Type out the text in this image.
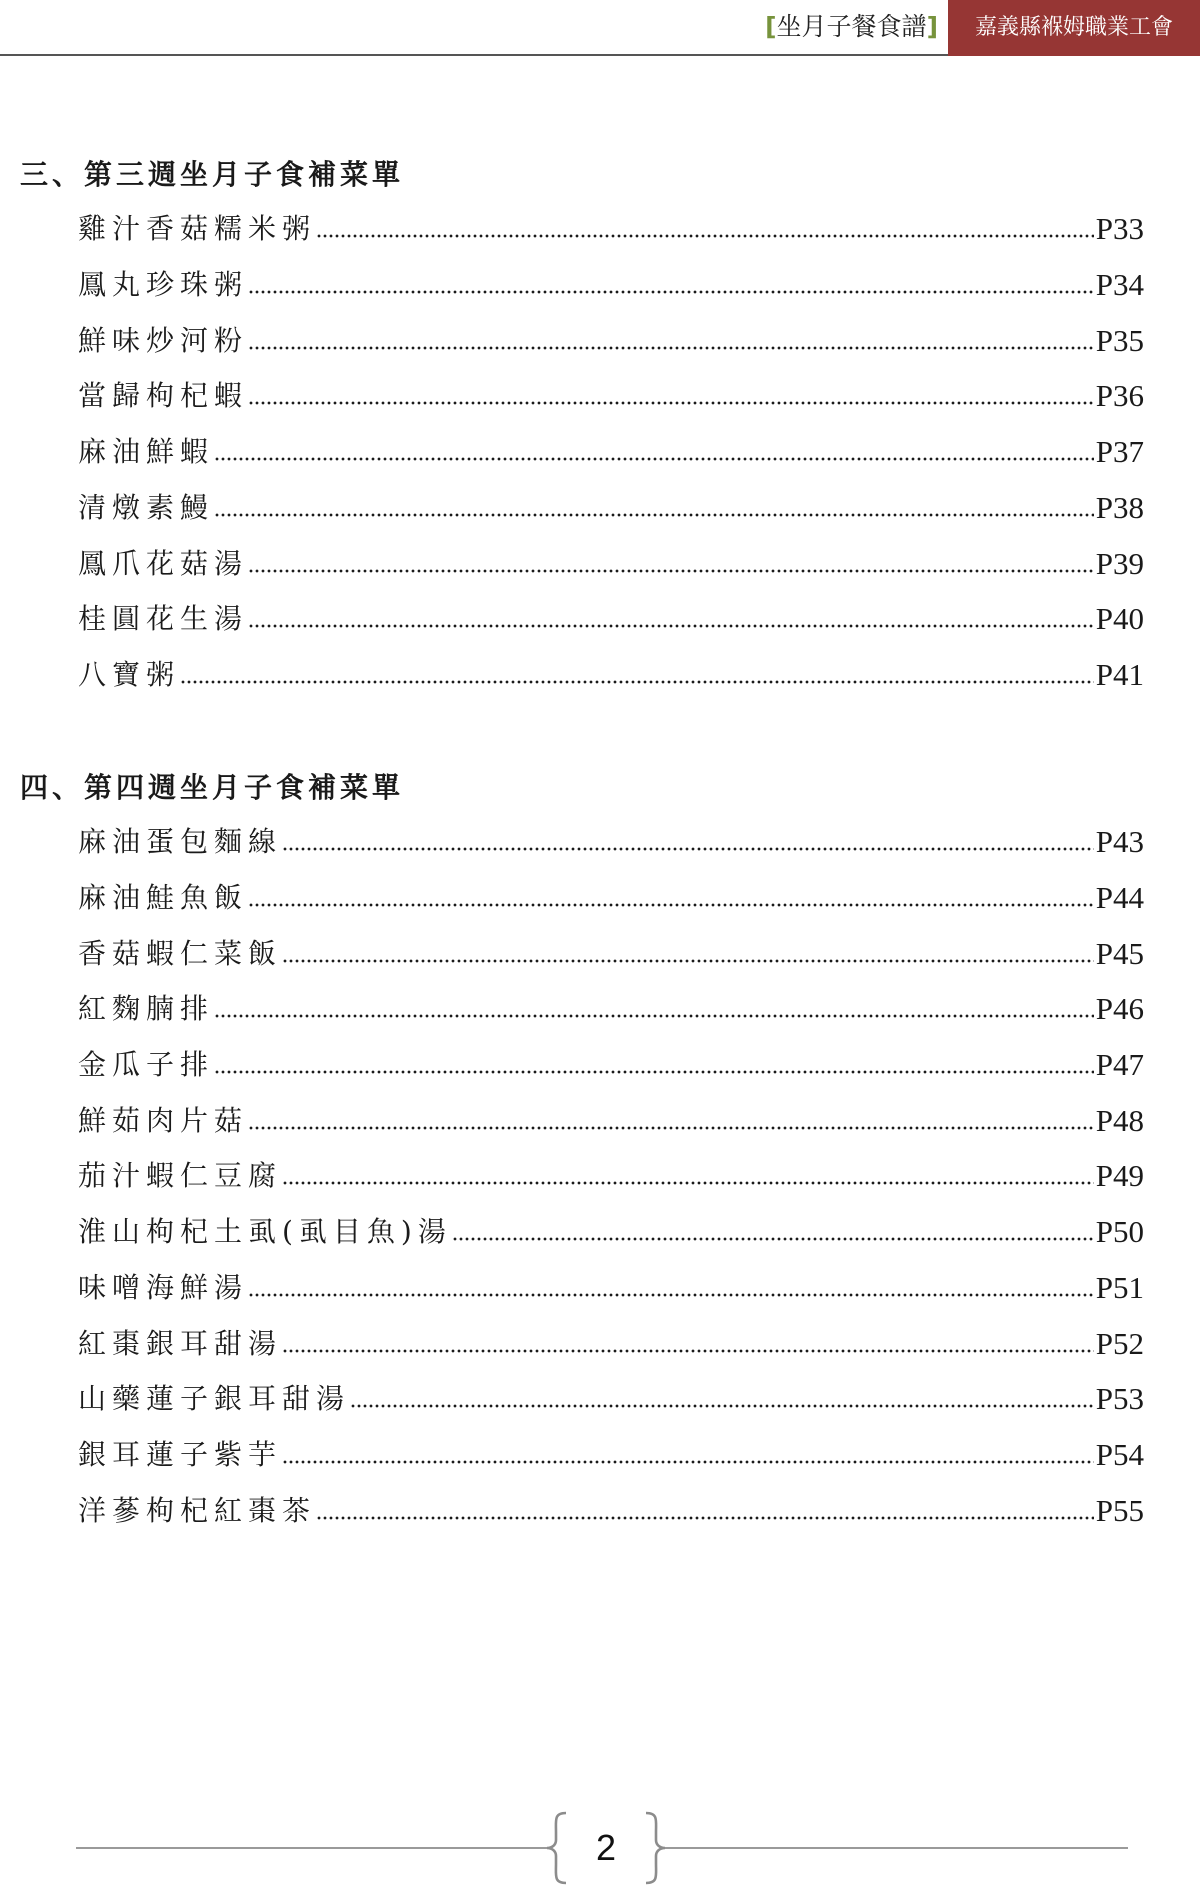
[坐月子餐食譜]	嘉義縣褓姆職業工會
三、第三週坐月子食補菜單
雞汁香菇糯米粥	P33
鳳丸珍珠粥	P34
鮮味炒河粉	P35
當歸枸杞蝦	P36
麻油鮮蝦	P37
清燉素鰻	P38
鳳爪花菇湯	P39
桂圓花生湯	P40
八寶粥	P41
四、第四週坐月子食補菜單
麻油蛋包麵線	P43
麻油鮭魚飯	P44
香菇蝦仁菜飯	P45
紅麴腩排	P46
金瓜子排	P47
鮮茹肉片菇	P48
茄汁蝦仁豆腐	P49
淮山枸杞土虱(虱目魚)湯	P50
味噌海鮮湯	P51
紅棗銀耳甜湯	P52
山藥蓮子銀耳甜湯	P53
銀耳蓮子紫芋	P54
洋蔘枸杞紅棗茶	P55
2
